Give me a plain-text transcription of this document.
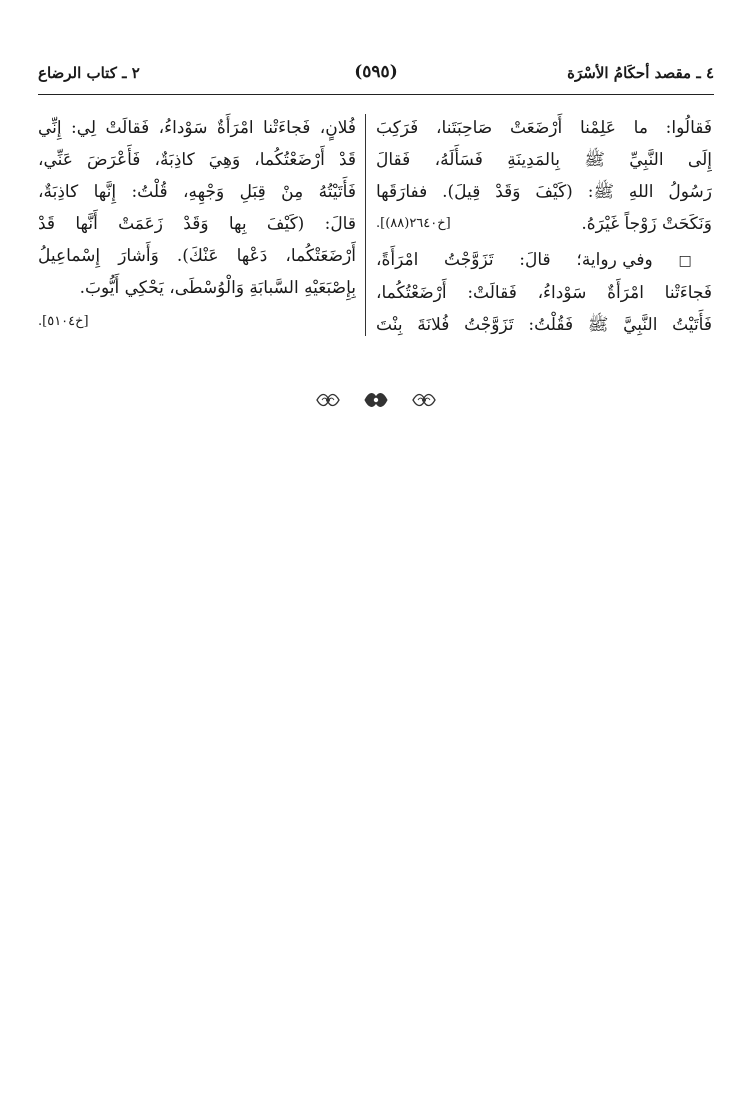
٤ ـ مقصد أحكَامُ الأسْرَة
(٥٩٥)
٢ ـ كتاب الرضاع
فَقالُوا: ما عَلِمْنا أَرْضَعَتْ صَاحِبَتَنا، فَرَكِبَ
إِلَى النَّبِيِّ ﷺ بِالمَدِينَةِ فَسَأَلَهُ، فَقالَ
رَسُولُ اللهِ ﷺ: (كَيْفَ وَقَدْ قِيلَ). ففارَقَها
وَنَكَحَتْ زَوْجاً غَيْرَهُ.
[خ٢٦٤٠(٨٨)].
□ وفي رواية؛ قالَ: تَزَوَّجْتُ امْرَأَةً،
فَجاءَتْنا امْرَأَةٌ سَوْداءُ، فَقالَتْ: أَرْضَعْتُكُما،
فَأَتَيْتُ النَّبِيَّ ﷺ فَقُلْتُ: تَزَوَّجْتُ فُلانَةَ بِنْتَ
فُلانٍ، فَجاءَتْنا امْرَأَةٌ سَوْداءُ، فَقالَتْ لِي: إِنِّي
قَدْ أَرْضَعْتُكُما، وَهِيَ كاذِبَةٌ، فَأَعْرَضَ عَنِّي،
فَأَتَيْتُهُ مِنْ قِبَلِ وَجْهِهِ، قُلْتُ: إِنَّها كاذِبَةٌ،
قالَ: (كَيْفَ بِها وَقَدْ زَعَمَتْ أَنَّها قَدْ
أَرْضَعَتْكُما، دَعْها عَنْكَ). وَأَشارَ إِسْماعِيلُ
بِإِصْبَعَيْهِ السَّبابَةِ وَالْوُسْطَى، يَحْكِي أَيُّوبَ.
[خ٥١٠٤].
